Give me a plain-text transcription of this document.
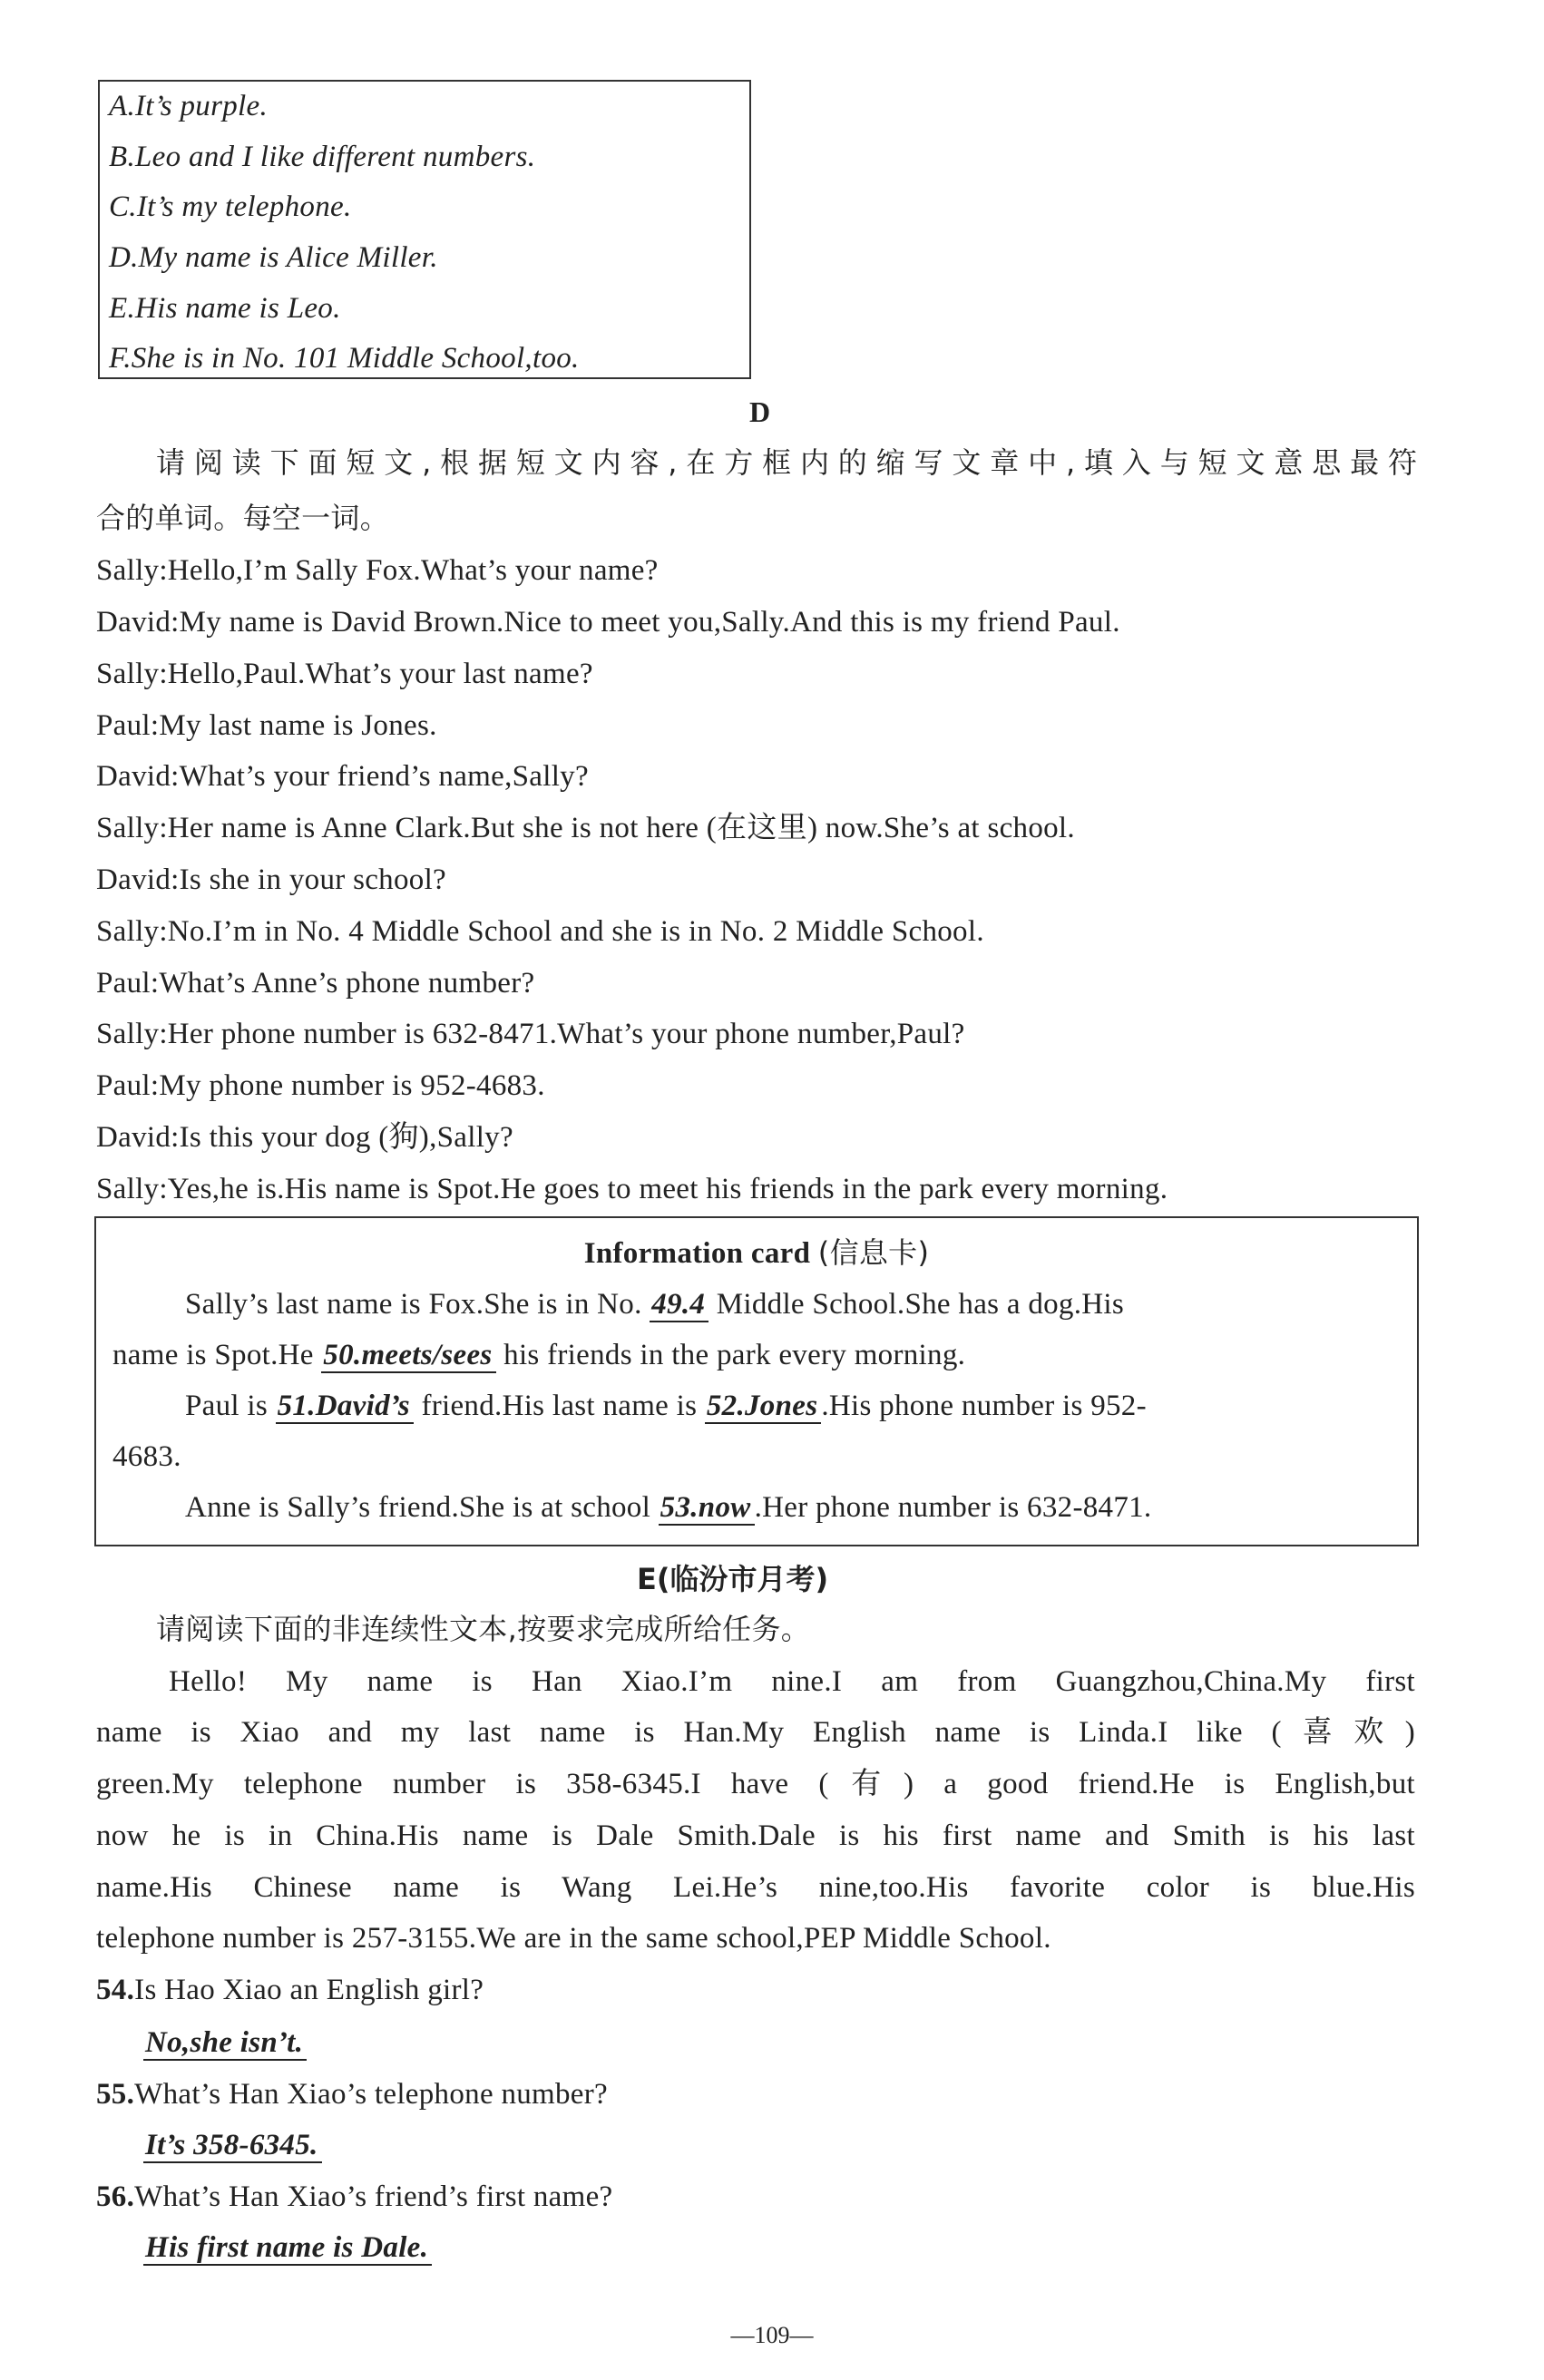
A.It’s purple.
B.Leo and I like different numbers.
C.It’s my telephone.
D.My name is Alice Miller.
E.His name is Leo.
F.She is in No. 101 Middle School,too.
D
请阅读下面短文,根据短文内容,在方框内的缩写文章中,填入与短文意思最符
合的单词。每空一词。
Sally:Hello,I’m Sally Fox.What’s your name?
David:My name is David Brown.Nice to meet you,Sally.And this is my friend Paul.
Sally:Hello,Paul.What’s your last name?
Paul:My last name is Jones.
David:What’s your friend’s name,Sally?
Sally:Her name is Anne Clark.But she is not here (在这里) now.She’s at school.
David:Is she in your school?
Sally:No.I’m in No. 4 Middle School and she is in No. 2 Middle School.
Paul:What’s Anne’s phone number?
Sally:Her phone number is 632-8471.What’s your phone number,Paul?
Paul:My phone number is 952-4683.
David:Is this your dog (狗),Sally?
Sally:Yes,he is.His name is Spot.He goes to meet his friends in the park every morning.
Information card (信息卡)
Sally’s last name is Fox.She is in No. 49.4 Middle School.She has a dog.His
name is Spot.He 50.meets/sees his friends in the park every morning.
Paul is 51.David’s friend.His last name is 52.Jones .His phone number is 952-
4683.
Anne is Sally’s friend.She is at school 53.now .Her phone number is 632-8471.
E(临汾市月考)
请阅读下面的非连续性文本,按要求完成所给任务。
Hello! My name is Han Xiao.I’m nine.I am from Guangzhou,China.My first
name is Xiao and my last name is Han.My English name is Linda.I like (喜欢)
green.My telephone number is 358-6345.I have (有) a good friend.He is English,but
now he is in China.His name is Dale Smith.Dale is his first name and Smith is his last
name.His Chinese name is Wang Lei.He’s nine,too.His favorite color is blue.His
telephone number is 257-3155.We are in the same school,PEP Middle School.
54.Is Hao Xiao an English girl?
No,she isn’t.
55.What’s Han Xiao’s telephone number?
It’s 358-6345.
56.What’s Han Xiao’s friend’s first name?
His first name is Dale.
—109—
